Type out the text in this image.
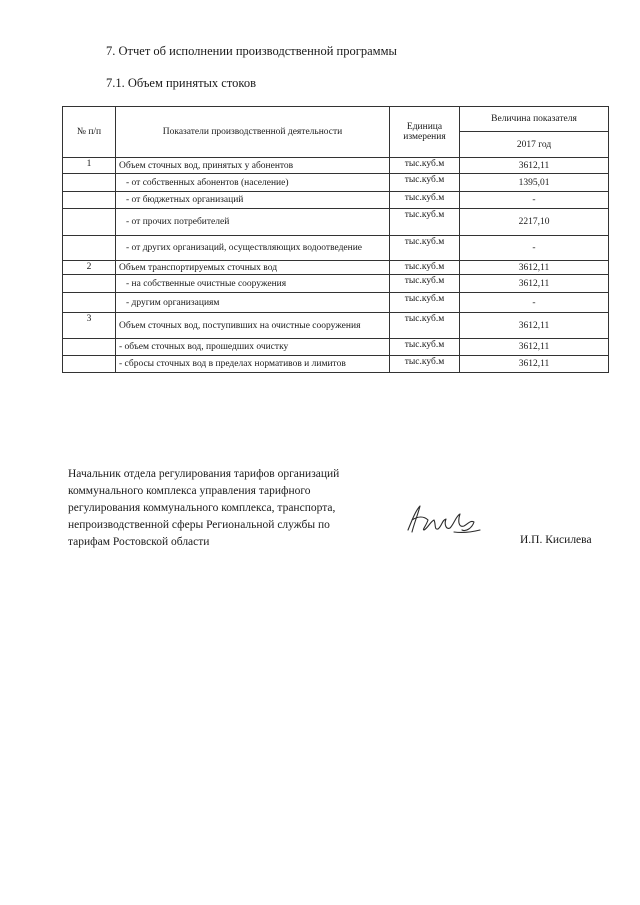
7. Отчет об исполнении производственной программы
7.1. Объем принятых стоков
№ п/п	Показатели производственной деятельности	Единица измерения	Величина показателя
			2017 год
1	Объем сточных вод, принятых у абонентов	тыс.куб.м	3612,11
	- от собственных абонентов (население)	тыс.куб.м	1395,01
	- от бюджетных организаций	тыс.куб.м	-
	- от прочих потребителей	тыс.куб.м	2217,10
	- от других организаций, осуществляющих водоотведение	тыс.куб.м	-
2	Объем транспортируемых сточных вод	тыс.куб.м	3612,11
	- на собственные очистные сооружения	тыс.куб.м	3612,11
	- другим организациям	тыс.куб.м	-
3	Объем сточных вод, поступивших на очистные сооружения	тыс.куб.м	3612,11
	- объем сточных вод, прошедших очистку	тыс.куб.м	3612,11
	- сбросы сточных вод в пределах нормативов и лимитов	тыс.куб.м	3612,11
Начальник отдела регулирования тарифов организаций
коммунального комплекса управления тарифного
регулирования коммунального комплекса, транспорта,
непроизводственной сферы Региональной службы по
тарифам Ростовской области	И.П. Кисилева
